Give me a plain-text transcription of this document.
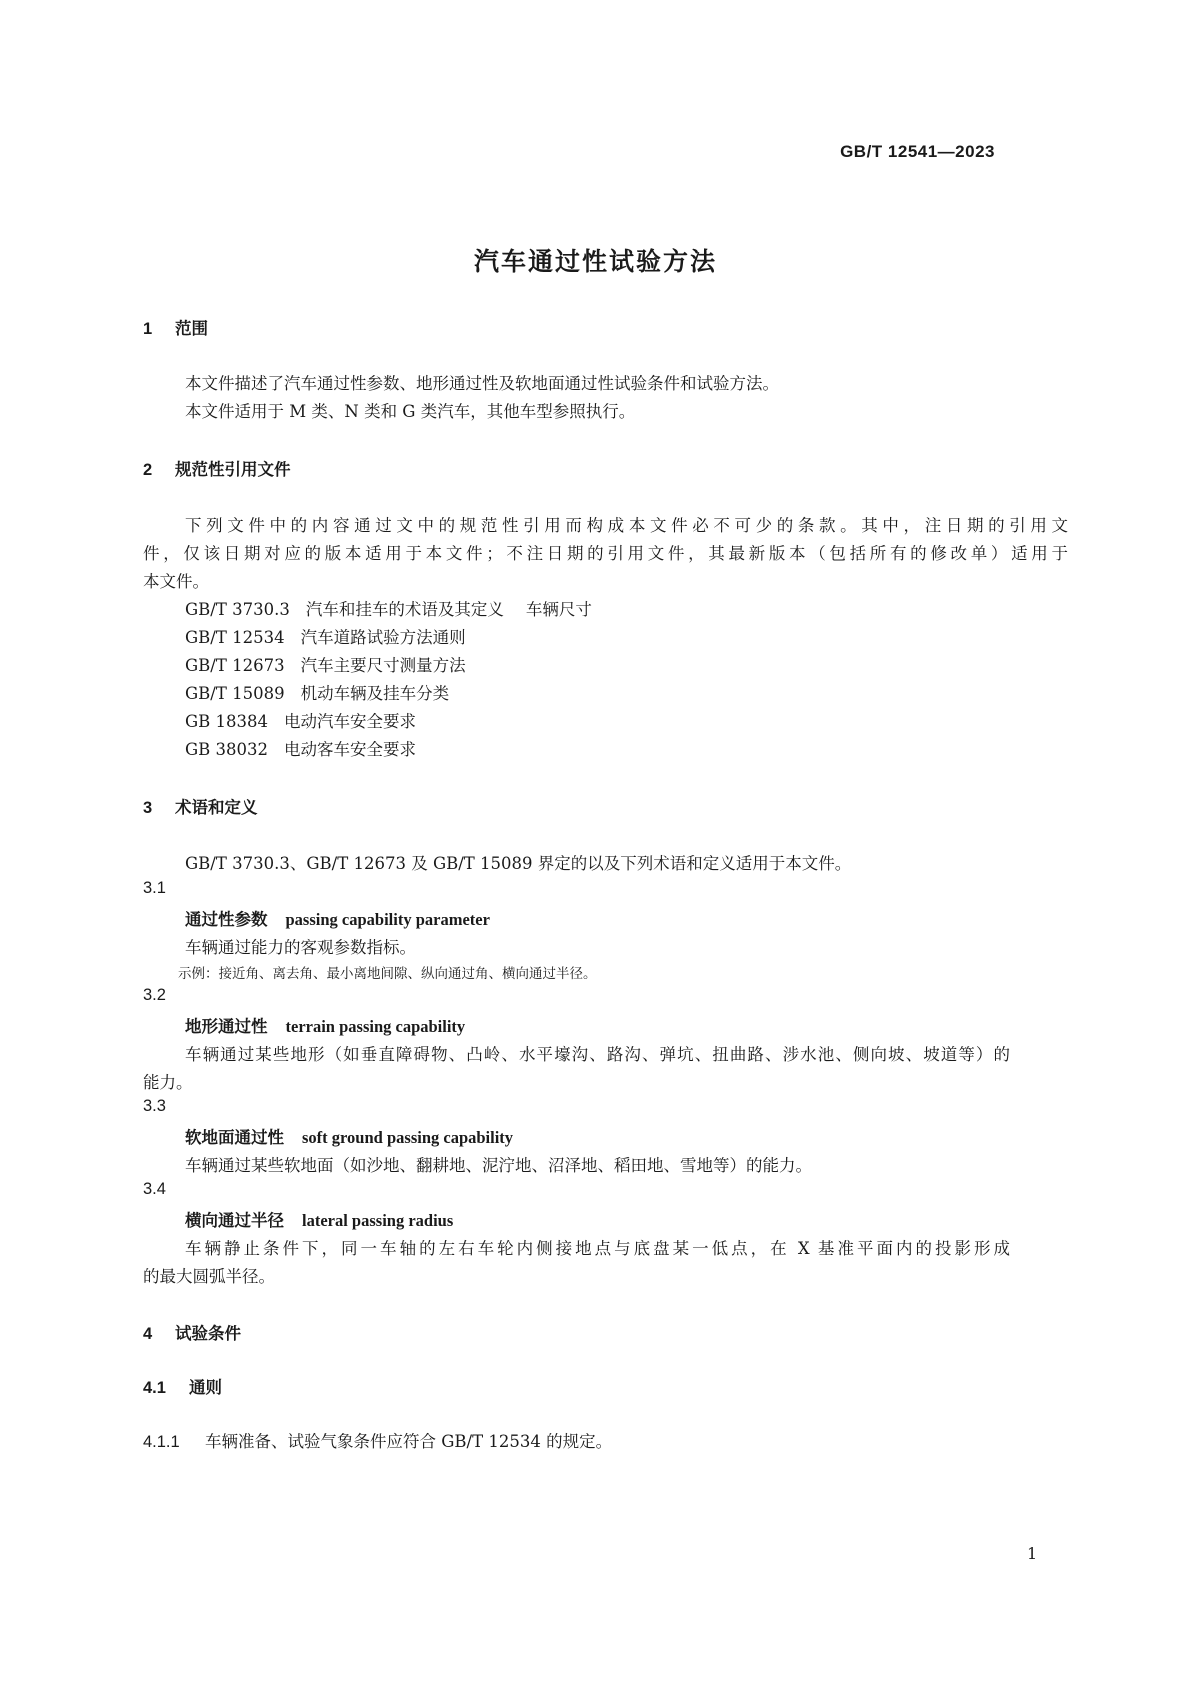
GB/T 12541—2023
汽车通过性试验方法
1 范围
本文件描述了汽车通过性参数、地形通过性及软地面通过性试验条件和试验方法。
本文件适用于 M 类、N 类和 G 类汽车，其他车型参照执行。
2 规范性引用文件
下列文件中的内容通过文中的规范性引用而构成本文件必不可少的条款。其中，注日期的引用文
件，仅该日期对应的版本适用于本文件；不注日期的引用文件，其最新版本（包括所有的修改单）适用于
本文件。
GB/T 3730.3 汽车和挂车的术语及其定义 车辆尺寸
GB/T 12534 汽车道路试验方法通则
GB/T 12673 汽车主要尺寸测量方法
GB/T 15089 机动车辆及挂车分类
GB 18384 电动汽车安全要求
GB 38032 电动客车安全要求
3 术语和定义
GB/T 3730.3、GB/T 12673 及 GB/T 15089 界定的以及下列术语和定义适用于本文件。
3.1
通过性参数 passing capability parameter
车辆通过能力的客观参数指标。
示例：接近角、离去角、最小离地间隙、纵向通过角、横向通过半径。
3.2
地形通过性 terrain passing capability
车辆通过某些地形（如垂直障碍物、凸岭、水平壕沟、路沟、弹坑、扭曲路、涉水池、侧向坡、坡道等）的
能力。
3.3
软地面通过性 soft ground passing capability
车辆通过某些软地面（如沙地、翻耕地、泥泞地、沼泽地、稻田地、雪地等）的能力。
3.4
横向通过半径 lateral passing radius
车辆静止条件下，同一车轴的左右车轮内侧接地点与底盘某一低点，在 X 基准平面内的投影形成
的最大圆弧半径。
4 试验条件
4.1 通则
4.1.1 车辆准备、试验气象条件应符合 GB/T 12534 的规定。
1
